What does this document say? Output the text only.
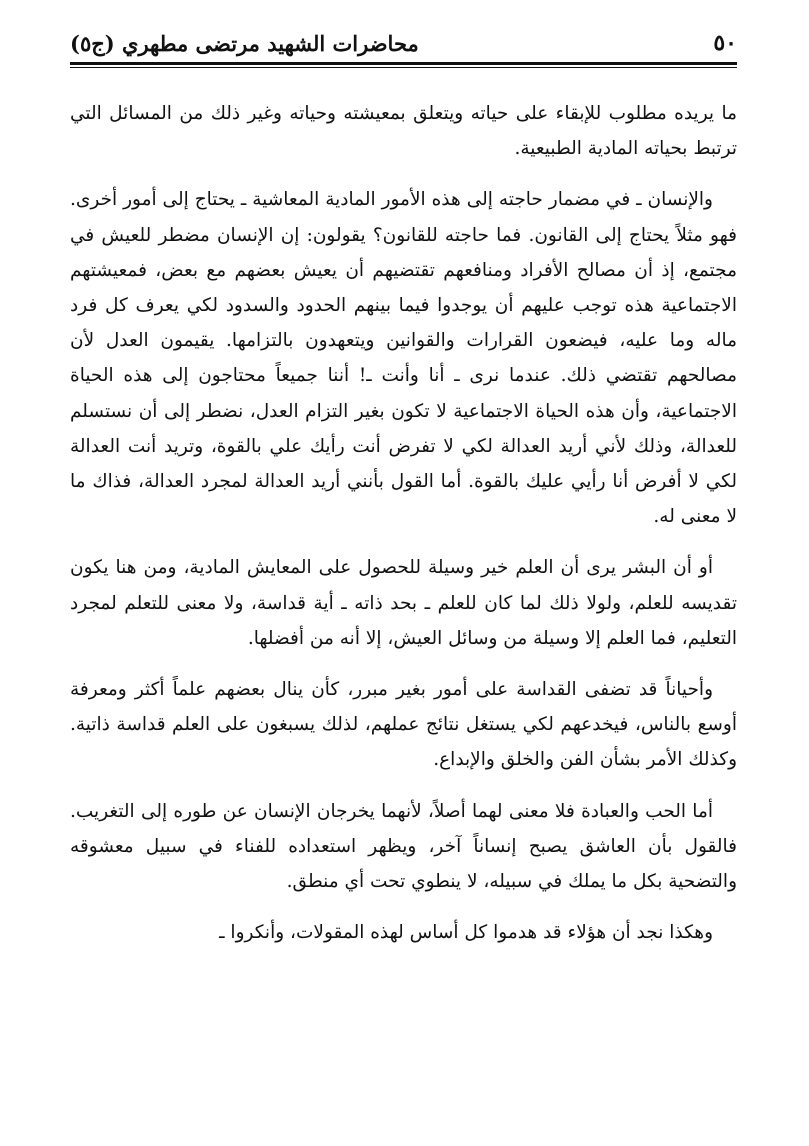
٥٠
محاضرات الشهيد مرتضى مطهري (ج٥)

ما يريده مطلوب للإبقاء على حياته ويتعلق بمعيشته وحياته وغير ذلك من المسائل التي ترتبط بحياته المادية الطبيعية.

والإنسان ـ في مضمار حاجته إلى هذه الأمور المادية المعاشية ـ يحتاج إلى أمور أخرى. فهو مثلاً يحتاج إلى القانون. فما حاجته للقانون؟ يقولون: إن الإنسان مضطر للعيش في مجتمع، إذ أن مصالح الأفراد ومنافعهم تقتضيهم أن يعيش بعضهم مع بعض، فمعيشتهم الاجتماعية هذه توجب عليهم أن يوجدوا فيما بينهم الحدود والسدود لكي يعرف كل فرد ماله وما عليه، فيضعون القرارات والقوانين ويتعهدون بالتزامها. يقيمون العدل لأن مصالحهم تقتضي ذلك. عندما نرى ـ أنا وأنت ـ! أننا جميعاً محتاجون إلى هذه الحياة الاجتماعية، وأن هذه الحياة الاجتماعية لا تكون بغير التزام العدل، نضطر إلى أن نستسلم للعدالة، وذلك لأني أريد العدالة لكي لا تفرض أنت رأيك علي بالقوة، وتريد أنت العدالة لكي لا أفرض أنا رأيي عليك بالقوة. أما القول بأنني أريد العدالة لمجرد العدالة، فذاك ما لا معنى له.

أو أن البشر يرى أن العلم خير وسيلة للحصول على المعايش المادية، ومن هنا يكون تقديسه للعلم، ولولا ذلك لما كان للعلم ـ بحد ذاته ـ أية قداسة، ولا معنى للتعلم لمجرد التعليم، فما العلم إلا وسيلة من وسائل العيش، إلا أنه من أفضلها.

وأحياناً قد تضفى القداسة على أمور بغير مبرر، كأن ينال بعضهم علماً أكثر ومعرفة أوسع بالناس، فيخدعهم لكي يستغل نتائج عملهم، لذلك يسبغون على العلم قداسة ذاتية. وكذلك الأمر بشأن الفن والخلق والإبداع.

أما الحب والعبادة فلا معنى لهما أصلاً، لأنهما يخرجان الإنسان عن طوره إلى التغريب. فالقول بأن العاشق يصبح إنساناً آخر، ويظهر استعداده للفناء في سبيل معشوقه والتضحية بكل ما يملك في سبيله، لا ينطوي تحت أي منطق.

وهكذا نجد أن هؤلاء قد هدموا كل أساس لهذه المقولات، وأنكروا ـ
